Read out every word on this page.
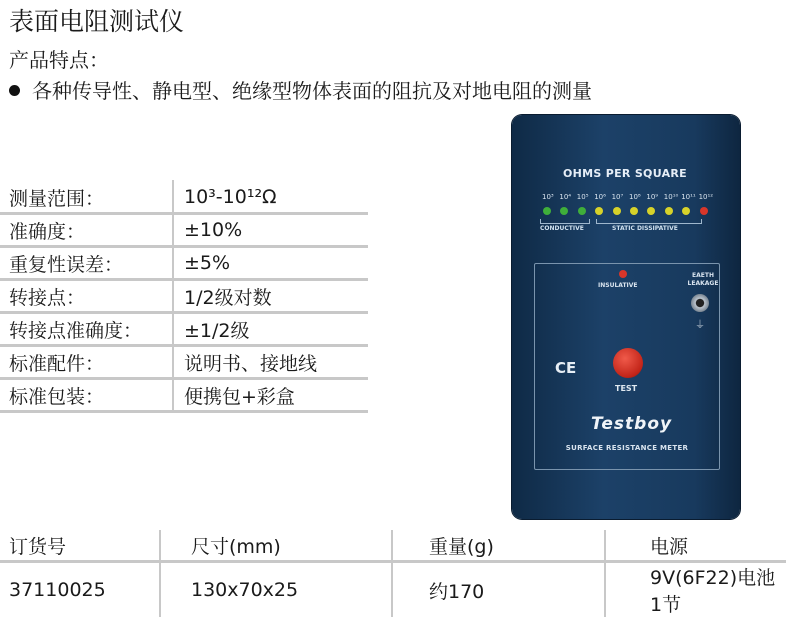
表面电阻测试仪
产品特点：
各种传导性、静电型、绝缘型物体表面的阻抗及对地电阻的测量
测量范围：	10³-10¹²Ω
准确度：	±10%
重复性误差：	±5%
转接点：	1/2级对数
转接点准确度：	±1/2级
标准配件：	说明书、接地线
标准包装：	便携包+彩盒
OHMS PER SQUARE
10³ 10⁴ 10⁵ 10⁶ 10⁷ 10⁸ 10⁹ 10¹⁰ 10¹¹ 10¹²
CONDUCTIVE	STATIC DISSIPATIVE
INSULATIVE
EAETH LEAKAGE
⏚
CE
TEST
Testboy
SURFACE RESISTANCE METER
订货号	尺寸(mm)	重量(g)	电源
37110025	130x70x25	约170	9V(6F22)电池1节
